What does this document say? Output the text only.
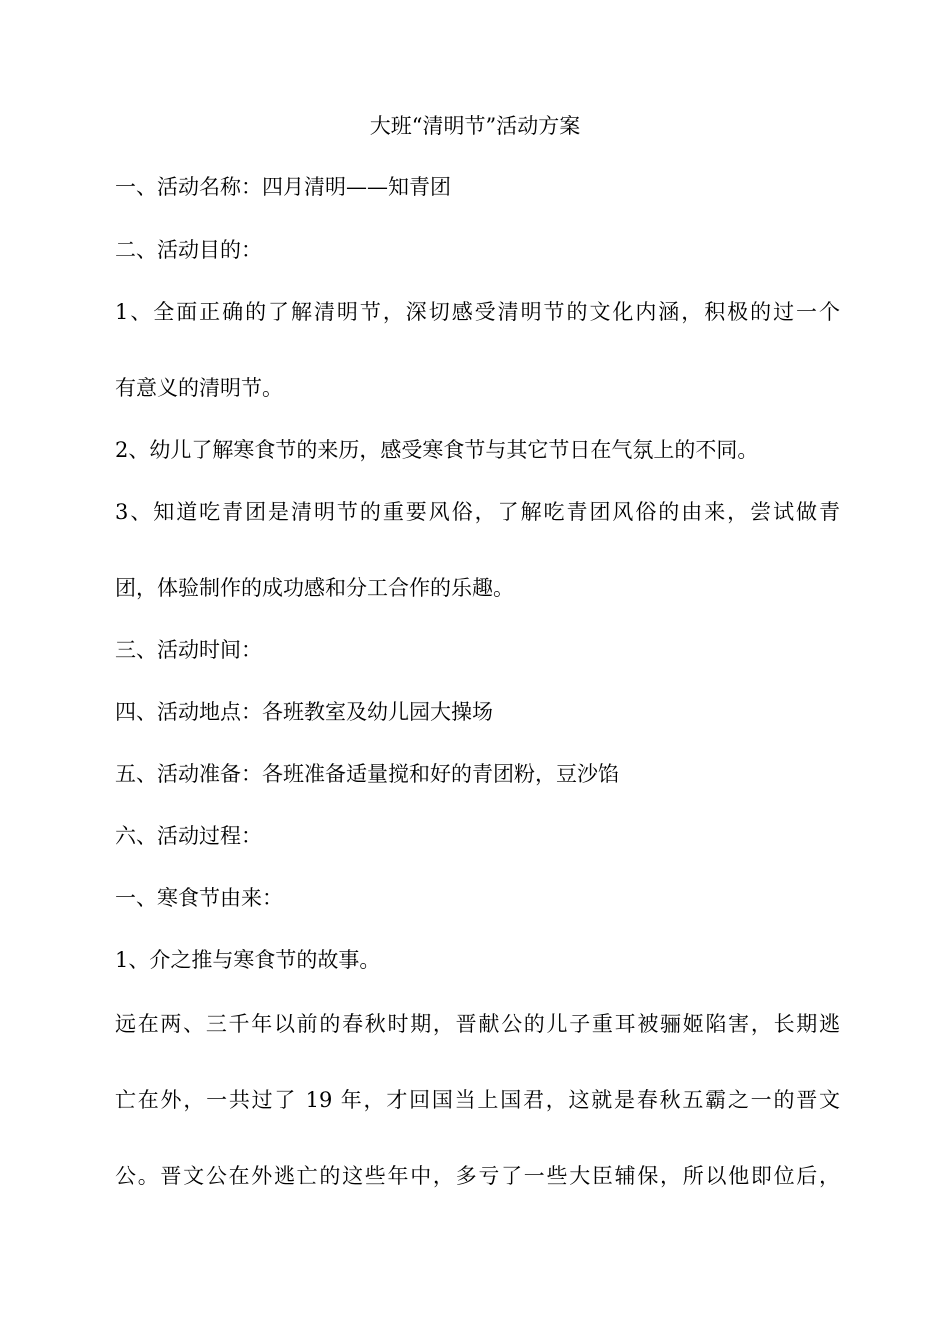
大班“清明节”活动方案
一、活动名称：四月清明——知青团
二、活动目的：
1、全面正确的了解清明节，深切感受清明节的文化内涵，积极的过一个
有意义的清明节。
2、幼儿了解寒食节的来历，感受寒食节与其它节日在气氛上的不同。
3、知道吃青团是清明节的重要风俗，了解吃青团风俗的由来，尝试做青
团，体验制作的成功感和分工合作的乐趣。
三、活动时间：
四、活动地点：各班教室及幼儿园大操场
五、活动准备：各班准备适量搅和好的青团粉，豆沙馅
六、活动过程：
一、寒食节由来：
1、介之推与寒食节的故事。
远在两、三千年以前的春秋时期，晋献公的儿子重耳被骊姬陷害，长期逃
亡在外，一共过了 19 年，才回国当上国君，这就是春秋五霸之一的晋文
公。晋文公在外逃亡的这些年中，多亏了一些大臣辅保，所以他即位后，
